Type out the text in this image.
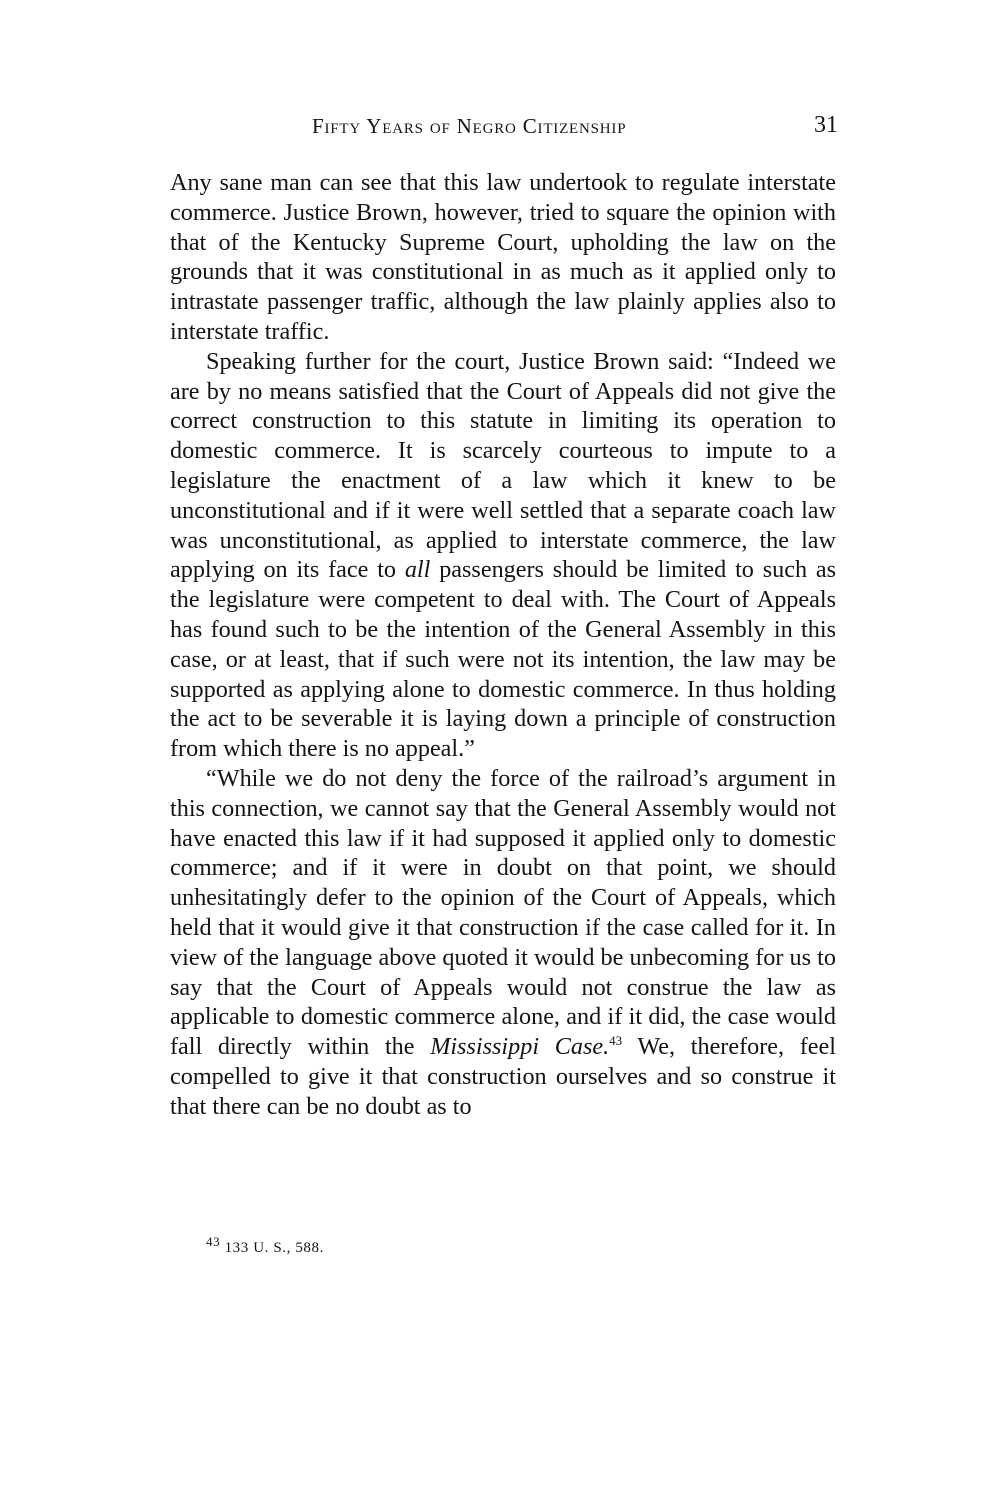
Fifty Years of Negro Citizenship	31

Any sane man can see that this law undertook to regulate interstate commerce. Justice Brown, however, tried to square the opinion with that of the Kentucky Supreme Court, upholding the law on the grounds that it was constitutional in as much as it applied only to intrastate passenger traffic, although the law plainly applies also to interstate traffic.

Speaking further for the court, Justice Brown said: “Indeed we are by no means satisfied that the Court of Appeals did not give the correct construction to this statute in limiting its operation to domestic commerce. It is scarcely courteous to impute to a legislature the enactment of a law which it knew to be unconstitutional and if it were well settled that a separate coach law was unconstitutional, as applied to interstate commerce, the law applying on its face to all passengers should be limited to such as the legislature were competent to deal with. The Court of Appeals has found such to be the intention of the General Assembly in this case, or at least, that if such were not its intention, the law may be supported as applying alone to domestic commerce. In thus holding the act to be severable it is laying down a principle of construction from which there is no appeal.”

“While we do not deny the force of the railroad’s argument in this connection, we cannot say that the General Assembly would not have enacted this law if it had supposed it applied only to domestic commerce; and if it were in doubt on that point, we should unhesitatingly defer to the opinion of the Court of Appeals, which held that it would give it that construction if the case called for it. In view of the language above quoted it would be unbecoming for us to say that the Court of Appeals would not construe the law as applicable to domestic commerce alone, and if it did, the case would fall directly within the Mississippi Case.$^{43}$ We, therefore, feel compelled to give it that construction ourselves and so construe it that there can be no doubt as to

$^{43}$ 133 U. S., 588.
